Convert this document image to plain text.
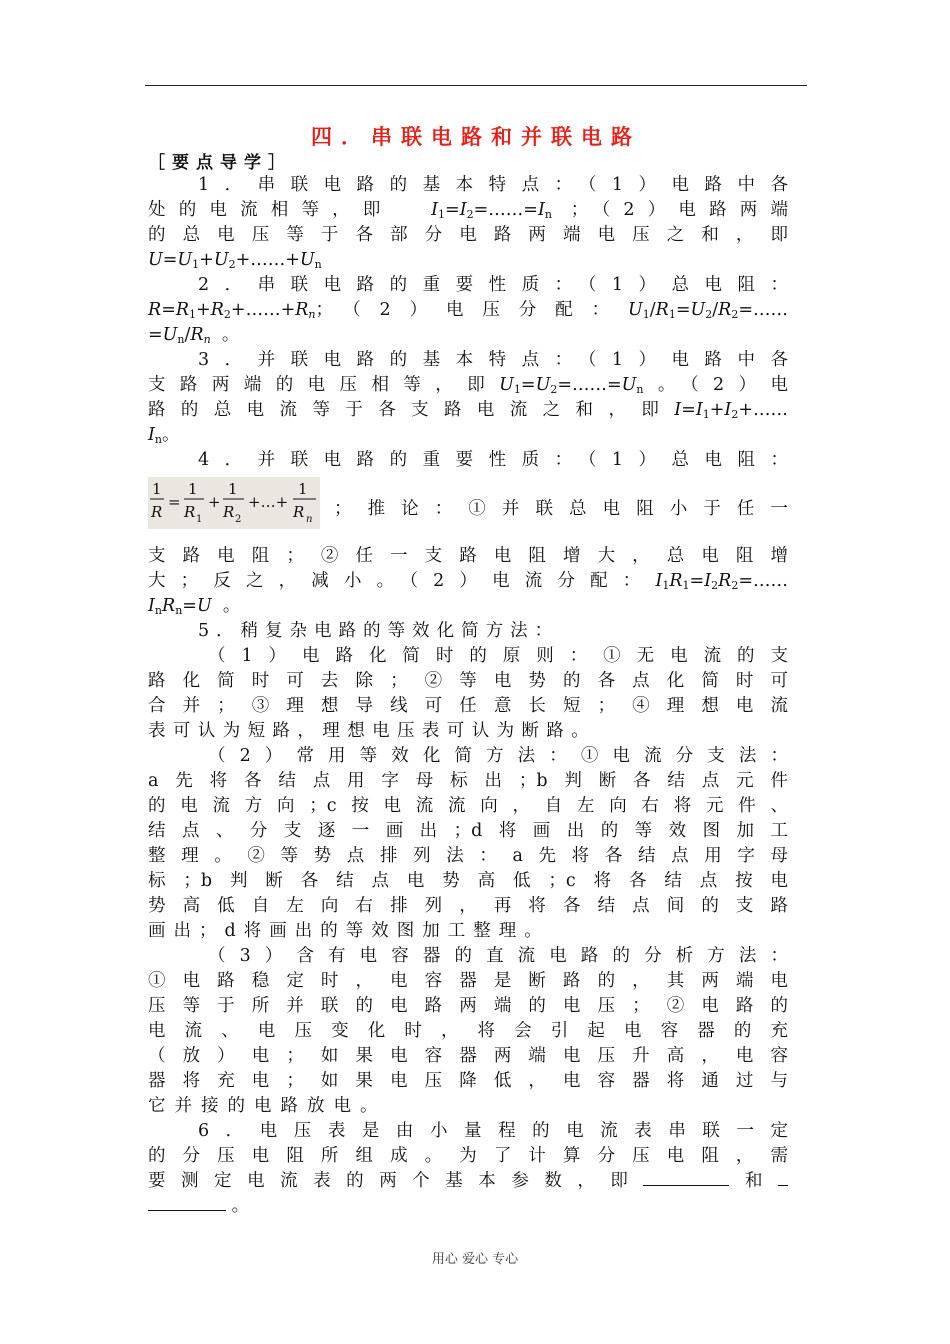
四．串联电路和并联电路
［要点导学］
1．串联电路的基本特点：（1）电路中各
处的电流相等，即 $I_1=I_2=\dots\dots=I_n$ ；（2）电路两端
的总电压等于各部分电路两端电压之和，即
$U=U_1+U_2+\dots\dots+U_n$
2．串联电路的重要性质：（1）总电阻：
$R=R_1+R_2+\dots\dots+R_n$；（2）电压分配：$U_1/R_1=U_2/R_2=\dots\dots$
$=U_n/R_n$ 。
3．并联电路的基本特点：（1）电路中各
支路两端的电压相等，即$U_1=U_2=\dots\dots=U_n$。（2）电
路的总电流等于各支路电流之和，即$I=I_1+I_2+\dots\dots$
$I_n$。
4．并联电路的重要性质：（1）总电阻：
1
R
=
1
R 1
+
1
R 2
+…+
1
R n
；推论：①并联总电阻小于任一
支路电阻；②任一支路电阻增大，总电阻增
大；反之，减小。（2）电流分配：$I_1R_1=I_2R_2=\dots\dots$
$I_nR_n=U$ 。
5．稍复杂电路的等效化简方法：
（1）电路化简时的原则：①无电流的支
路化简时可去除；②等电势的各点化简时可
合并；③理想导线可任意长短；④理想电流
表可认为短路，理想电压表可认为断路。
（2）常用等效化简方法：①电流分支法：
a先将各结点用字母标出；b判断各结点元件
的电流方向；c按电流流向，自左向右将元件、
结点、分支逐一画出；d将画出的等效图加工
整理。②等势点排列法：a先将各结点用字母
标；b判断各结点电势高低；c将各结点按电
势高低自左向右排列，再将各结点间的支路
画出；d将画出的等效图加工整理。
（3）含有电容器的直流电路的分析方法：
①电路稳定时，电容器是断路的，其两端电
压等于所并联的电路两端的电压；②电路的
电流、电压变化时，将会引起电容器的充
（放）电；如果电容器两端电压升高，电容
器将充电；如果电压降低，电容器将通过与
它并接的电路放电。
6．电压表是由小量程的电流表串联一定
的分压电阻所组成。为了计算分压电阻，需
要测定电流表的两个基本参数，即	和
。
用心 爱心 专心
